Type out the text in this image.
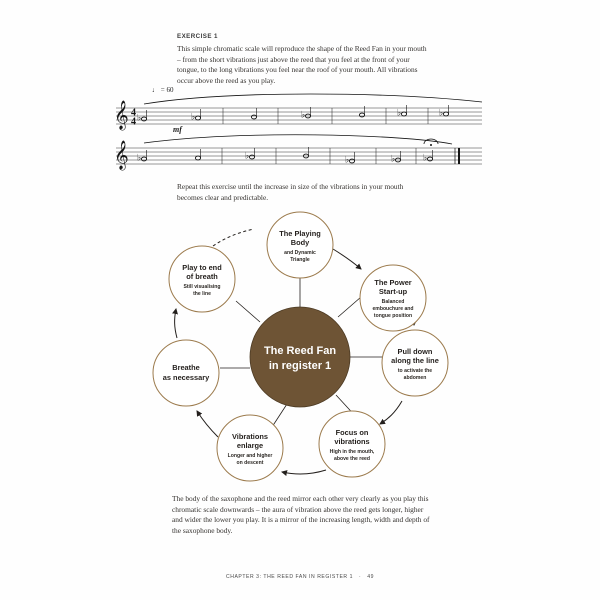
EXERCISE 1
This simple chromatic scale will reproduce the shape of the Reed Fan in your mouth – from the short vibrations just above the reed that you feel at the front of your tongue, to the long vibrations you feel near the roof of your mouth. All vibrations occur above the reed as you play.
♩ = 60
mf
𝄞
𝄞
4
4 ♭	♭	♭	♭	♭
♭	♭	♭	♭	♭
Repeat this exercise until the increase in size of the vibrations in your mouth becomes clear and predictable.
The Reed Fan
in register 1
The Playing
Body
and Dynamic
Triangle
The Power
Start-up
Balanced
embouchure and
tongue position
Pull down
along the line
to activate the
abdomen
Focus on
vibrations
High in the mouth,
above the reed
Vibrations
enlarge
Longer and higher
on descent
Breathe
as necessary
Play to end
of breath
Still visualising
the line
The body of the saxophone and the reed mirror each other very clearly as you play this chromatic scale downwards – the aura of vibration above the reed gets longer, higher and wider the lower you play. It is a mirror of the increasing length, width and depth of the saxophone body.
CHAPTER 3: THE REED FAN IN REGISTER 1 · 49
